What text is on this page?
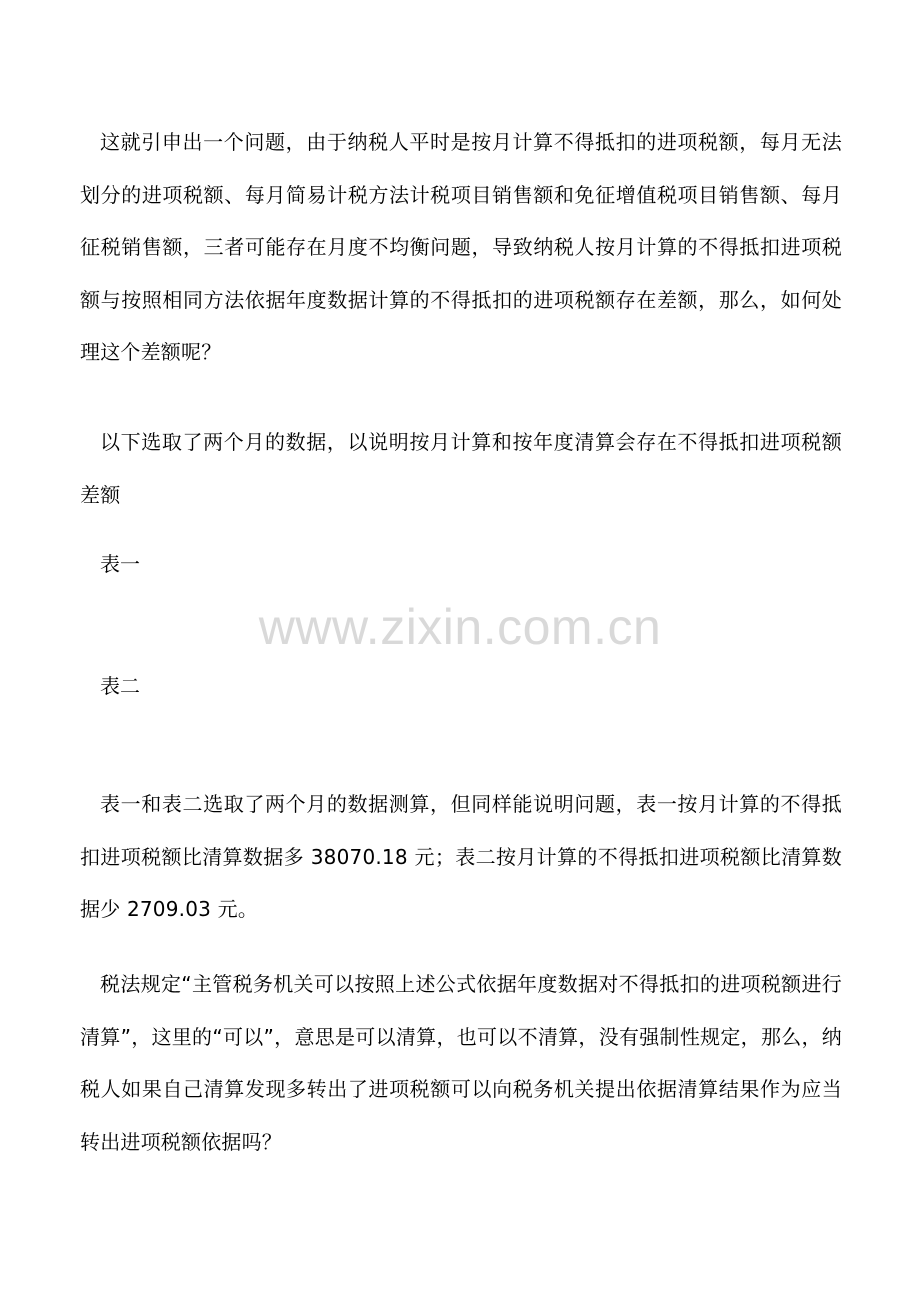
这就引申出一个问题，由于纳税人平时是按月计算不得抵扣的进项税额，每月无法划分的进项税额、每月简易计税方法计税项目销售额和免征增值税项目销售额、每月征税销售额，三者可能存在月度不均衡问题，导致纳税人按月计算的不得抵扣进项税额与按照相同方法依据年度数据计算的不得抵扣的进项税额存在差额，那么，如何处理这个差额呢？

以下选取了两个月的数据，以说明按月计算和按年度清算会存在不得抵扣进项税额差额

表一
www.zixin.com.cn
表二

表一和表二选取了两个月的数据测算，但同样能说明问题，表一按月计算的不得抵扣进项税额比清算数据多 38070.18 元；表二按月计算的不得抵扣进项税额比清算数据少 2709.03 元。

税法规定“主管税务机关可以按照上述公式依据年度数据对不得抵扣的进项税额进行清算”，这里的“可以”，意思是可以清算，也可以不清算，没有强制性规定，那么，纳税人如果自己清算发现多转出了进项税额可以向税务机关提出依据清算结果作为应当转出进项税额依据吗？
